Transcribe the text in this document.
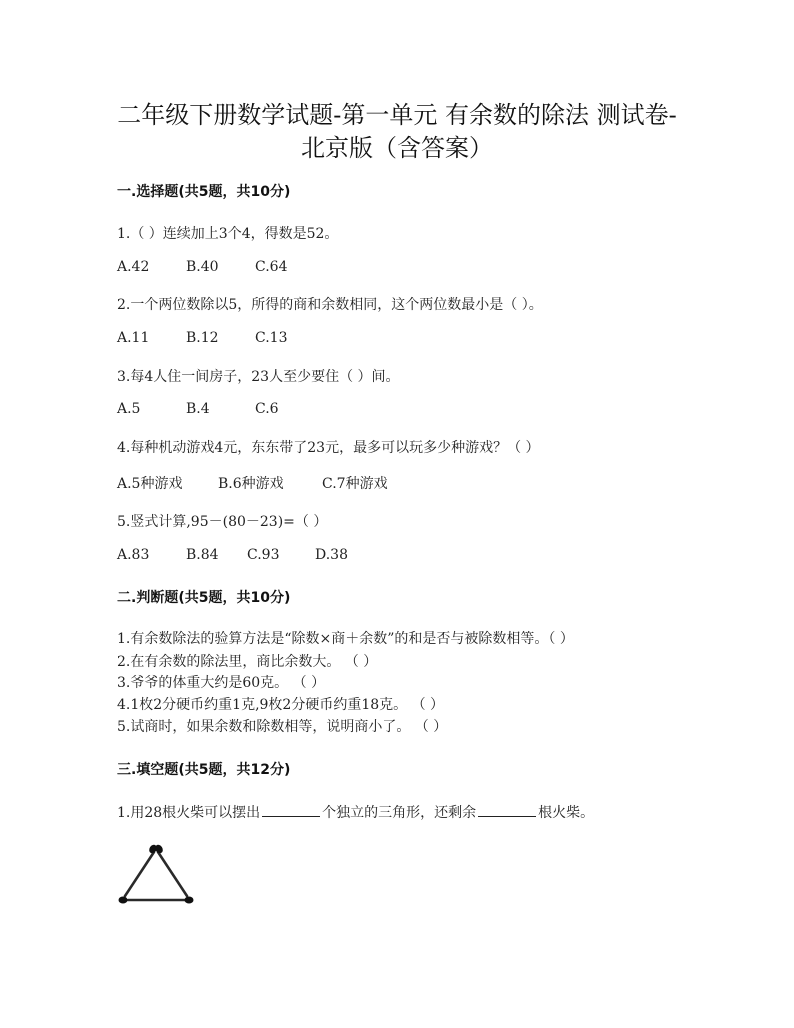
二年级下册数学试题-第一单元 有余数的除法 测试卷-
北京版（含答案）
一.选择题(共5题，共10分)
1.（ ）连续加上3个4，得数是52。
A.42	B.40	C.64
2.一个两位数除以5，所得的商和余数相同，这个两位数最小是（ ）。
A.11	B.12	C.13
3.每4人住一间房子，23人至少要住（ ）间。
A.5	B.4	C.6
4.每种机动游戏4元，东东带了23元，最多可以玩多少种游戏？（ ）
A.5种游戏	B.6种游戏	C.7种游戏
5.竖式计算,95－(80－23)=（ ）
A.83	B.84 C.93	D.38
二.判断题(共5题，共10分)
1.有余数除法的验算方法是“除数×商＋余数”的和是否与被除数相等。（ ）
2.在有余数的除法里，商比余数大。 （ ）
3.爷爷的体重大约是60克。 （ ）
4.1枚2分硬币约重1克,9枚2分硬币约重18克。 （ ）
5.试商时，如果余数和除数相等，说明商小了。 （ ）
三.填空题(共5题，共12分)
1.用28根火柴可以摆出	个独立的三角形，还剩余	根火柴。
